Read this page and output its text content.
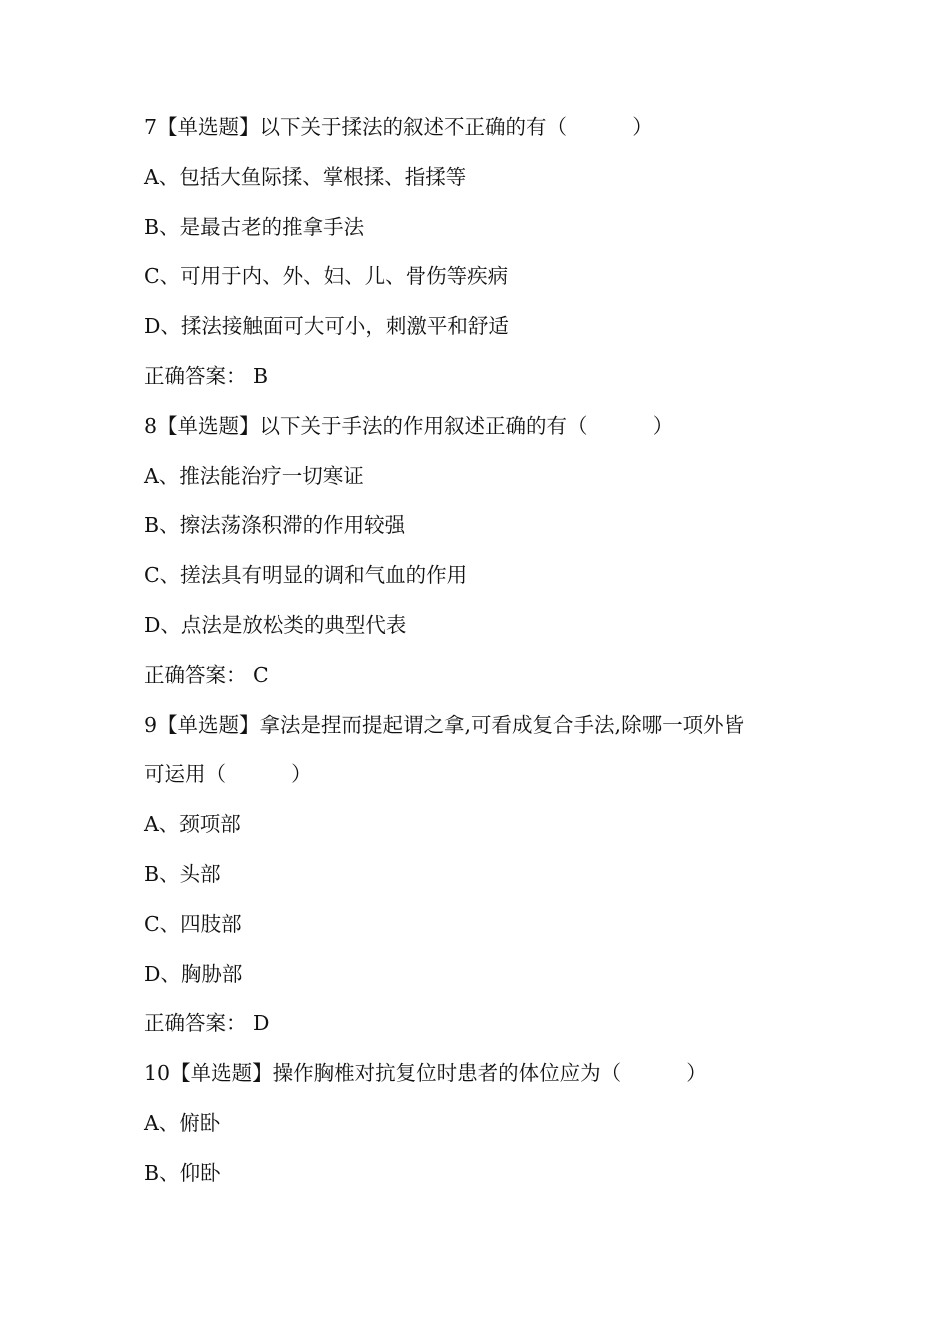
7【单选题】以下关于揉法的叙述不正确的有（          ）
A、包括大鱼际揉、掌根揉、指揉等
B、是最古老的推拿手法
C、可用于内、外、妇、儿、骨伤等疾病
D、揉法接触面可大可小，刺激平和舒适
正确答案： B
8【单选题】以下关于手法的作用叙述正确的有（          ）
A、推法能治疗一切寒证
B、擦法荡涤积滞的作用较强
C、搓法具有明显的调和气血的作用
D、点法是放松类的典型代表
正确答案： C
9【单选题】拿法是捏而提起谓之拿,可看成复合手法,除哪一项外皆
可运用（          ）
A、颈项部
B、头部
C、四肢部
D、胸胁部
正确答案： D
10【单选题】操作胸椎对抗复位时患者的体位应为（          ）
A、俯卧
B、仰卧
